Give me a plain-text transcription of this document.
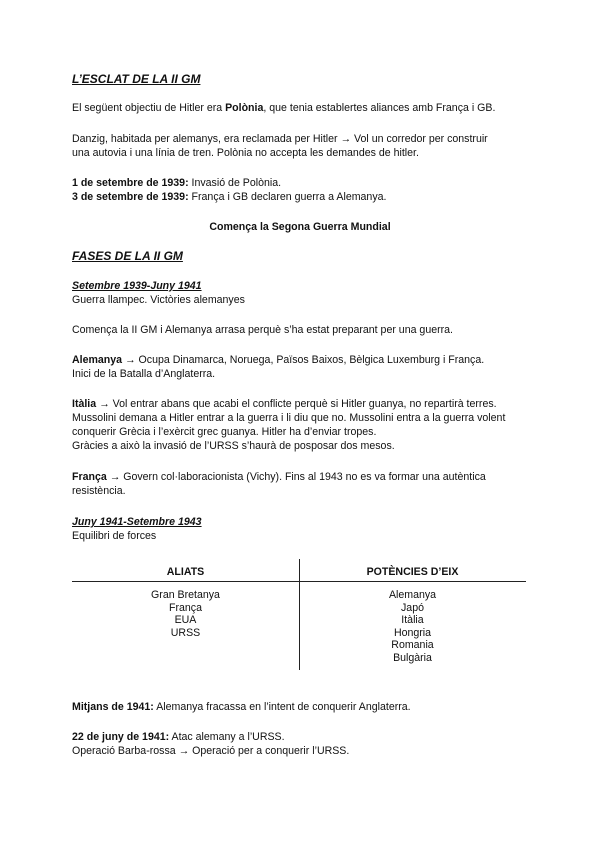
L’ESCLAT DE LA II GM
El següent objectiu de Hitler era Polònia, que tenia establertes aliances amb França i GB.
Danzig, habitada per alemanys, era reclamada per Hitler → Vol un corredor per construir
una autovia i una línia de tren. Polònia no accepta les demandes de hitler.
1 de setembre de 1939: Invasió de Polònia.
3 de setembre de 1939: França i GB declaren guerra a Alemanya.
Comença la Segona Guerra Mundial
FASES DE LA II GM
Setembre 1939-Juny 1941
Guerra llampec. Victòries alemanyes
Comença la II GM i Alemanya arrasa perquè s’ha estat preparant per una guerra.
Alemanya → Ocupa Dinamarca, Noruega, Països Baixos, Bèlgica Luxemburg i França.
Inici de la Batalla d’Anglaterra.
Itàlia → Vol entrar abans que acabi el conflicte perquè si Hitler guanya, no repartirà terres.
Mussolini demana a Hitler entrar a la guerra i li diu que no. Mussolini entra a la guerra volent
conquerir Grècia i l’exèrcit grec guanya. Hitler ha d’enviar tropes.
Gràcies a això la invasió de l’URSS s’haurà de posposar dos mesos.
França → Govern col·laboracionista (Vichy). Fins al 1943 no es va formar una autèntica
resistència.
Juny 1941-Setembre 1943
Equilibri de forces
ALIATS	POTÈNCIES D’EIX
Gran Bretanya
França
EUA
URSS
Alemanya
Japó
Itàlia
Hongria
Romania
Bulgària
Mitjans de 1941: Alemanya fracassa en l’intent de conquerir Anglaterra.
22 de juny de 1941: Atac alemany a l’URSS.
Operació Barba-rossa → Operació per a conquerir l’URSS.
